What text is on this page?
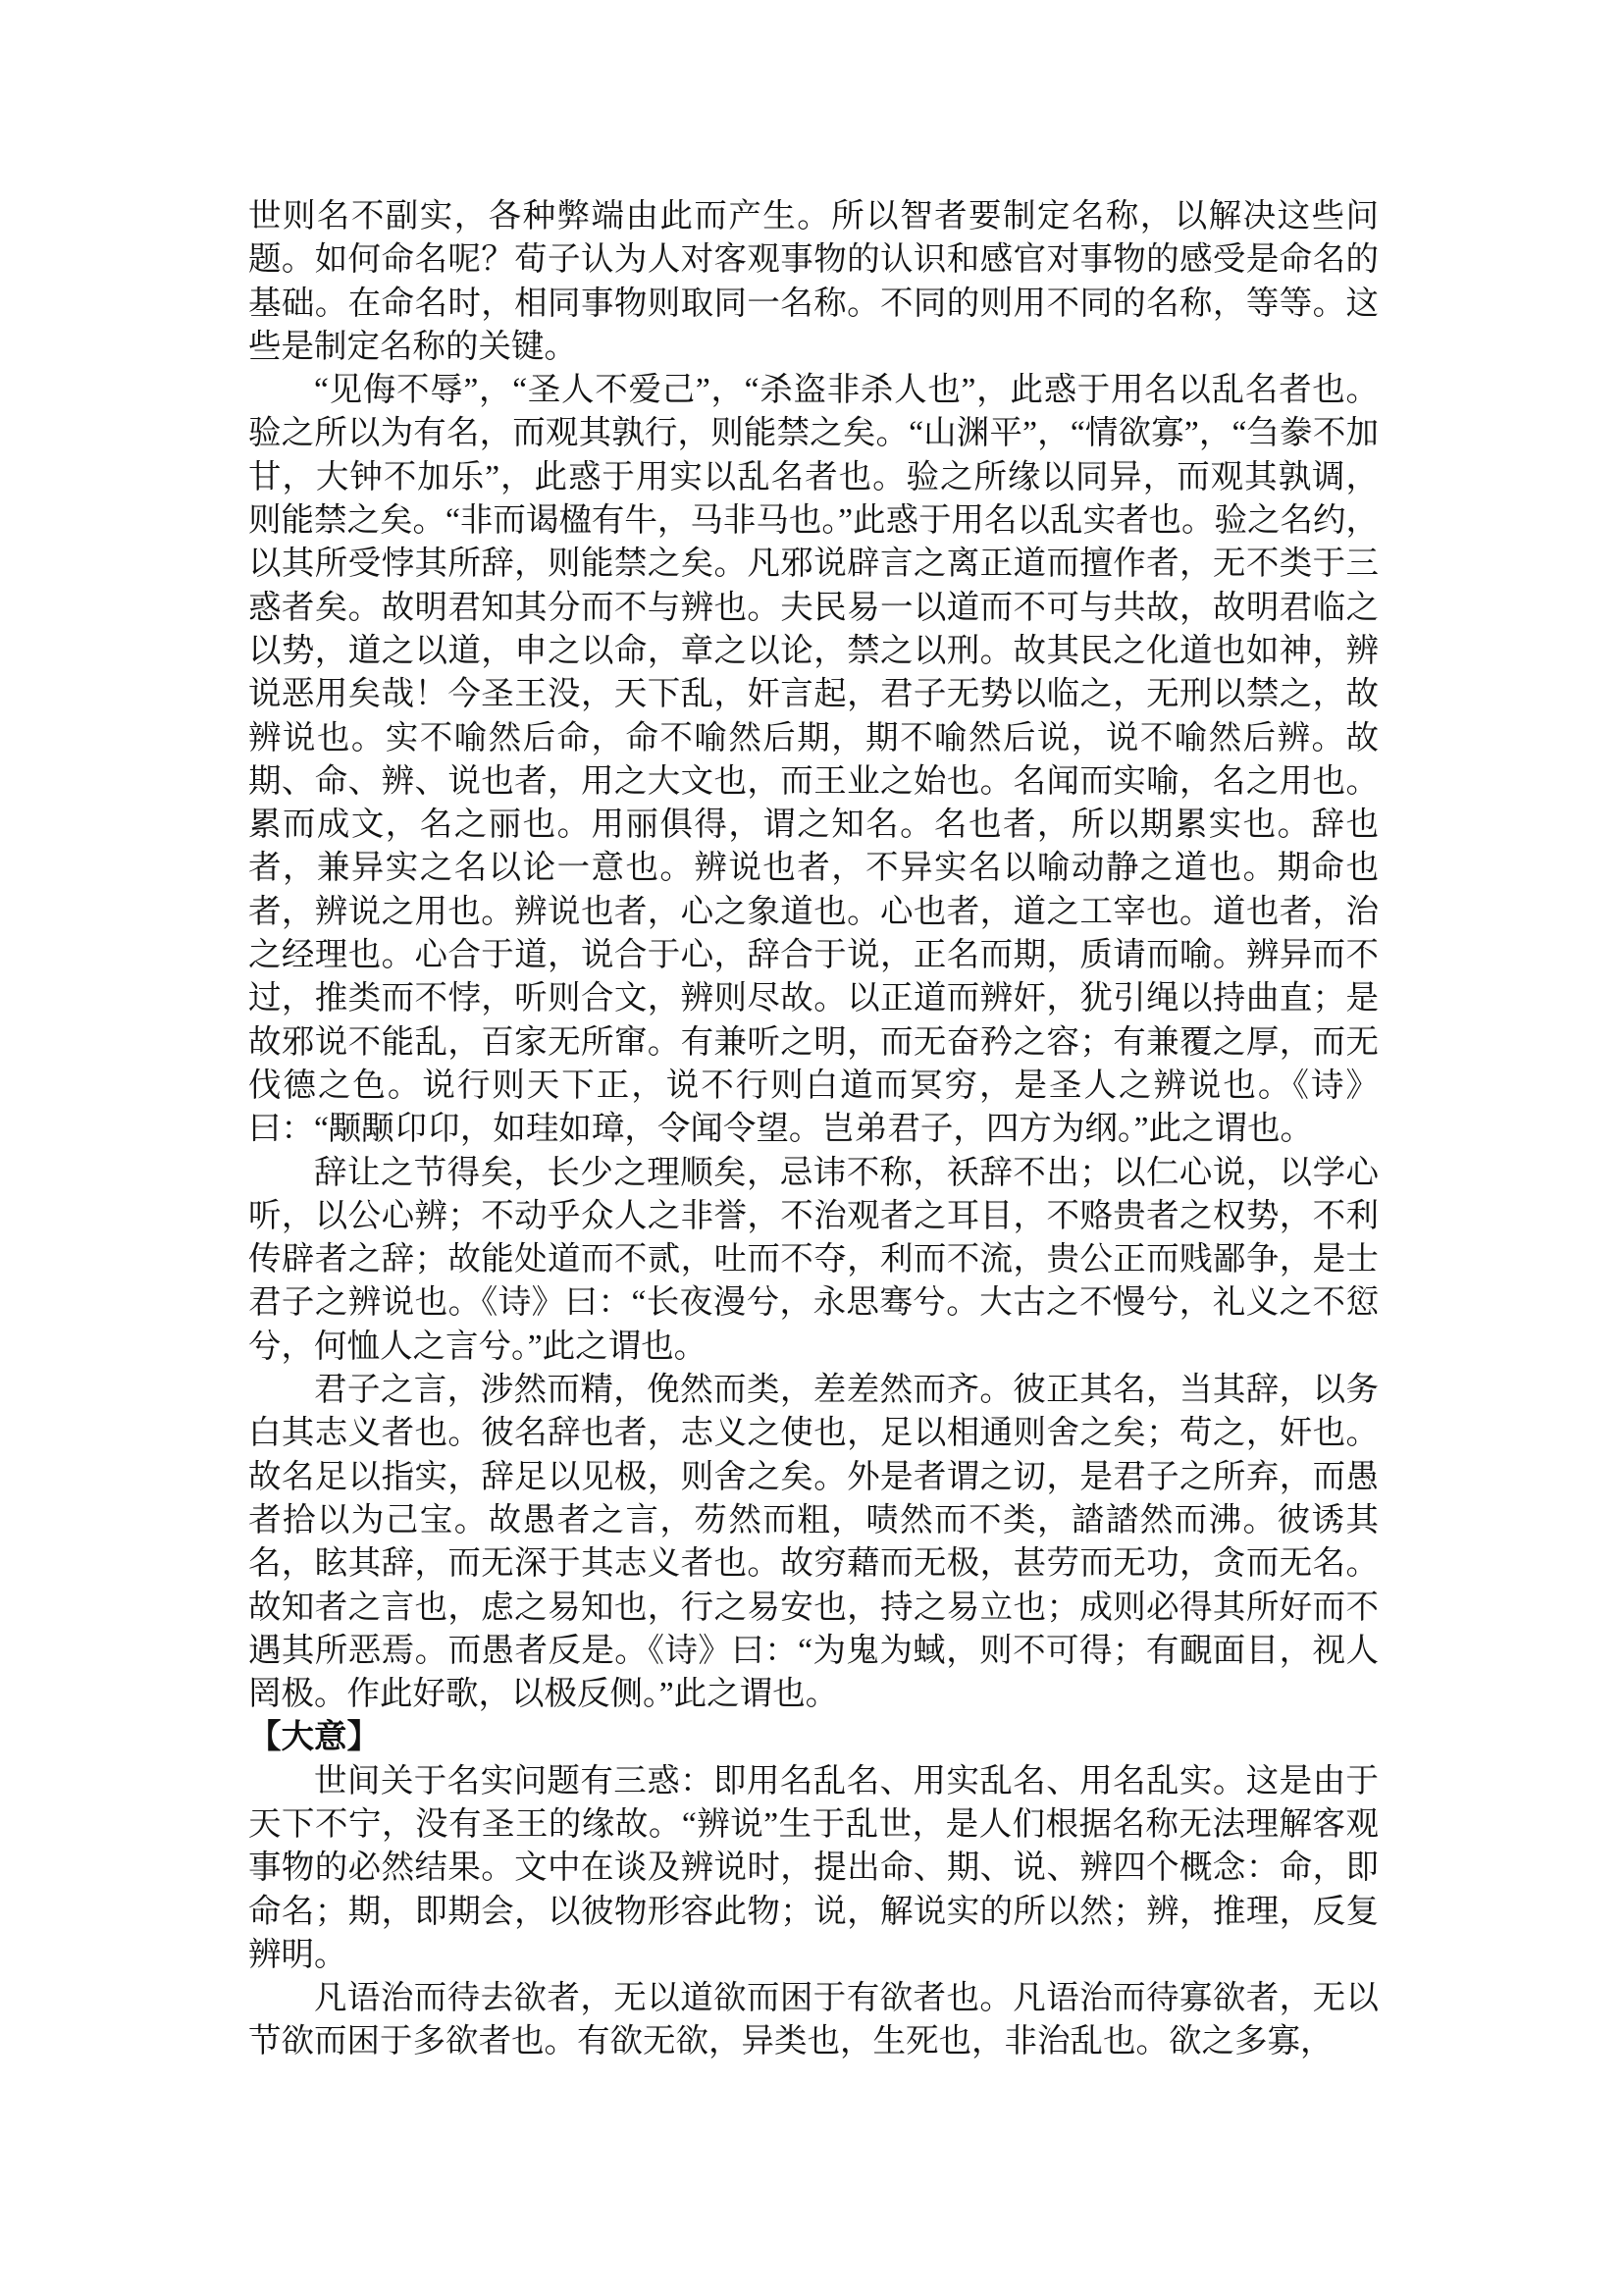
世则名不副实，各种弊端由此而产生。所以智者要制定名称，以解决这些问题。如何命名呢？荀子认为人对客观事物的认识和感官对事物的感受是命名的基础。在命名时，相同事物则取同一名称。不同的则用不同的名称，等等。这些是制定名称的关键。

“见侮不辱”，“圣人不爱己”，“杀盗非杀人也”，此惑于用名以乱名者也。验之所以为有名，而观其孰行，则能禁之矣。“山渊平”，“情欲寡”，“刍豢不加甘，大钟不加乐”，此惑于用实以乱名者也。验之所缘以同异，而观其孰调，则能禁之矣。“非而谒楹有牛，马非马也。”此惑于用名以乱实者也。验之名约，以其所受悖其所辞，则能禁之矣。凡邪说辟言之离正道而擅作者，无不类于三惑者矣。故明君知其分而不与辨也。夫民易一以道而不可与共故，故明君临之以势，道之以道，申之以命，章之以论，禁之以刑。故其民之化道也如神，辨说恶用矣哉！今圣王没，天下乱，奸言起，君子无势以临之，无刑以禁之，故辨说也。实不喻然后命，命不喻然后期，期不喻然后说，说不喻然后辨。故期、命、辨、说也者，用之大文也，而王业之始也。名闻而实喻，名之用也。累而成文，名之丽也。用丽俱得，谓之知名。名也者，所以期累实也。辞也者，兼异实之名以论一意也。辨说也者，不异实名以喻动静之道也。期命也者，辨说之用也。辨说也者，心之象道也。心也者，道之工宰也。道也者，治之经理也。心合于道，说合于心，辞合于说，正名而期，质请而喻。辨异而不过，推类而不悖，听则合文，辨则尽故。以正道而辨奸，犹引绳以持曲直；是故邪说不能乱，百家无所窜。有兼听之明，而无奋矜之容；有兼覆之厚，而无伐德之色。说行则天下正，说不行则白道而冥穷，是圣人之辨说也。《诗》曰：“颙颙卬卬，如珪如璋，令闻令望。岂弟君子，四方为纲。”此之谓也。

辞让之节得矣，长少之理顺矣，忌讳不称，祅辞不出；以仁心说，以学心听，以公心辨；不动乎众人之非誉，不治观者之耳目，不赂贵者之权势，不利传辟者之辞；故能处道而不贰，吐而不夺，利而不流，贵公正而贱鄙争，是士君子之辨说也。《诗》曰：“长夜漫兮，永思骞兮。大古之不慢兮，礼义之不愆兮，何恤人之言兮。”此之谓也。

君子之言，涉然而精，俛然而类，差差然而齐。彼正其名，当其辞，以务白其志义者也。彼名辞也者，志义之使也，足以相通则舍之矣；苟之，奸也。故名足以指实，辞足以见极，则舍之矣。外是者谓之讱，是君子之所弃，而愚者拾以为己宝。故愚者之言，芴然而粗，啧然而不类，誻誻然而沸。彼诱其名，眩其辞，而无深于其志义者也。故穷藉而无极，甚劳而无功，贪而无名。故知者之言也，虑之易知也，行之易安也，持之易立也；成则必得其所好而不遇其所恶焉。而愚者反是。《诗》曰：“为鬼为蜮，则不可得；有靦面目，视人罔极。作此好歌，以极反侧。”此之谓也。

【大意】

世间关于名实问题有三惑：即用名乱名、用实乱名、用名乱实。这是由于天下不宁，没有圣王的缘故。“辨说”生于乱世，是人们根据名称无法理解客观事物的必然结果。文中在谈及辨说时，提出命、期、说、辨四个概念：命，即命名；期，即期会，以彼物形容此物；说，解说实的所以然；辨，推理，反复辨明。

凡语治而待去欲者，无以道欲而困于有欲者也。凡语治而待寡欲者，无以节欲而困于多欲者也。有欲无欲，异类也，生死也，非治乱也。欲之多寡，
